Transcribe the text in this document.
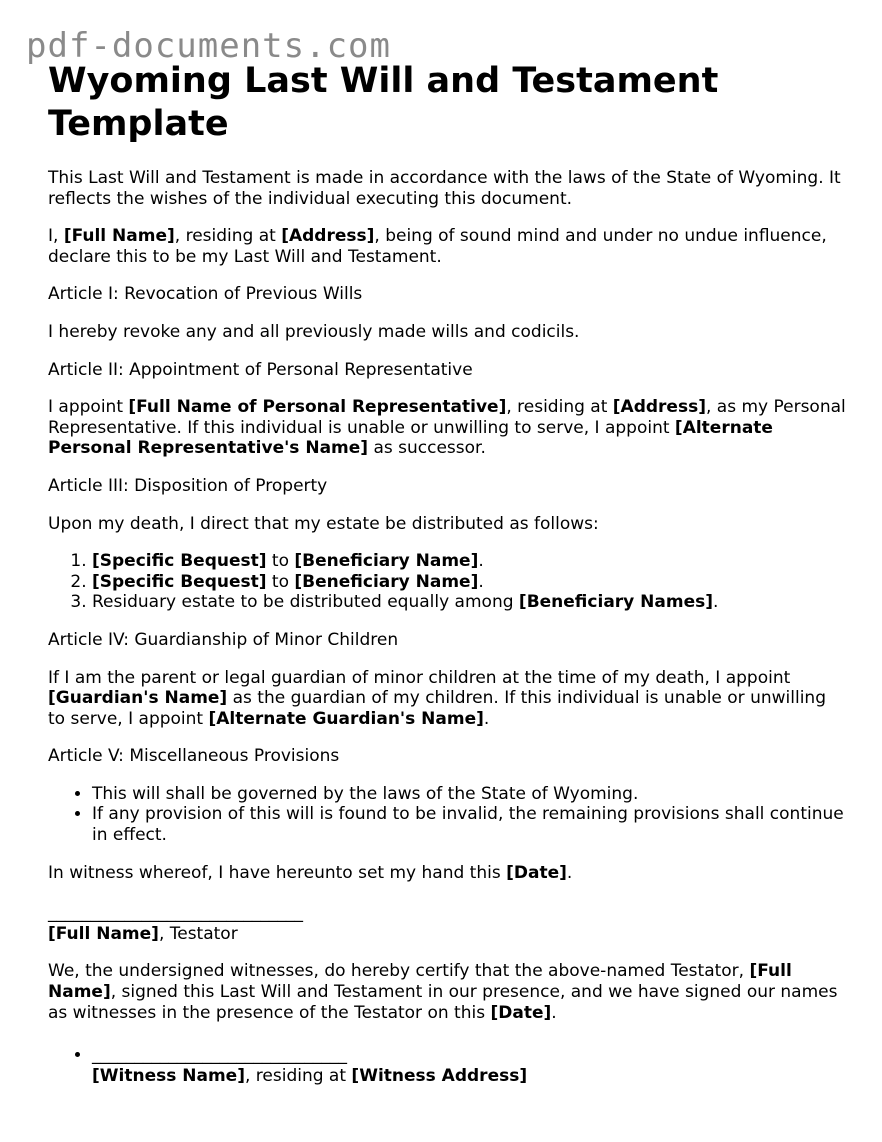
pdf-documents.com
Wyoming Last Will and Testament Template

This Last Will and Testament is made in accordance with the laws of the State of Wyoming. It reflects the wishes of the individual executing this document.

I, [Full Name], residing at [Address], being of sound mind and under no undue influence, declare this to be my Last Will and Testament.

Article I: Revocation of Previous Wills

I hereby revoke any and all previously made wills and codicils.

Article II: Appointment of Personal Representative

I appoint [Full Name of Personal Representative], residing at [Address], as my Personal Representative. If this individual is unable or unwilling to serve, I appoint [Alternate Personal Representative's Name] as successor.

Article III: Disposition of Property

Upon my death, I direct that my estate be distributed as follows:

1. [Specific Bequest] to [Beneficiary Name].
2. [Specific Bequest] to [Beneficiary Name].
3. Residuary estate to be distributed equally among [Beneficiary Names].

Article IV: Guardianship of Minor Children

If I am the parent or legal guardian of minor children at the time of my death, I appoint [Guardian's Name] as the guardian of my children. If this individual is unable or unwilling to serve, I appoint [Alternate Guardian's Name].

Article V: Miscellaneous Provisions

• This will shall be governed by the laws of the State of Wyoming.
• If any provision of this will is found to be invalid, the remaining provisions shall continue in effect.

In witness whereof, I have hereunto set my hand this [Date].

______________________________
[Full Name], Testator

We, the undersigned witnesses, do hereby certify that the above-named Testator, [Full Name], signed this Last Will and Testament in our presence, and we have signed our names as witnesses in the presence of the Testator on this [Date].

• ______________________________
[Witness Name], residing at [Witness Address]
